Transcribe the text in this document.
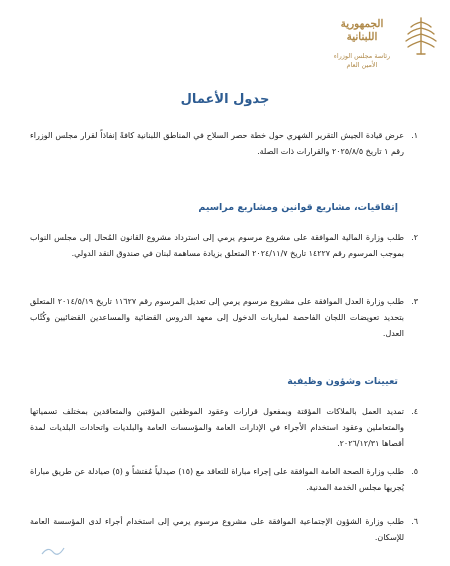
الجمهورية
اللبنانية
رئاسة مجلس الوزراء
الأمين العام
جدول الأعمال
١.
عرض قيادة الجيش التقرير الشهري حول خطة حصر السلاح في المناطق اللبنانية كافةً إنفاذاً لقرار مجلس الوزراء رقم ١ تاريخ ٢٠٢٥/٨/٥ والقرارات ذات الصلة.
إتفاقيات، مشاريع قوانين ومشاريع مراسيم
٢.
طلب وزارة المالية الموافقة على مشروع مرسوم يرمي إلى استرداد مشروع القانون المُحال إلى مجلس النواب بموجب المرسوم رقم ١٤٢٢٧ تاريخ ٢٠٢٤/١١/٧ المتعلق بزيادة مساهمة لبنان في صندوق النقد الدولي.
٣.
طلب وزارة العدل الموافقة على مشروع مرسوم يرمي إلى تعديل المرسوم رقم ١١٦٢٧ تاريخ ٢٠١٤/٥/١٩ المتعلق بتحديد تعويضات اللجان الفاحصة لمباريات الدخول إلى معهد الدروس القضائية والمساعدين القضائيين وكُتّاب العدل.
تعيينات وشؤون وظيفية
٤.
تمديد العمل بالملاكات المؤقتة وبمفعول قرارات وعقود الموظفين المؤقتين والمتعاقدين بمختلف تسمياتها والمتعاملين وعقود استخدام الأجراء في الإدارات العامة والمؤسسات العامة والبلديات واتحادات البلديات لمدة أقصاها ٢٠٢٦/١٢/٣١.
٥.
طلب وزارة الصحة العامة الموافقة على إجراء مباراة للتعاقد مع (١٥) صيدلياً مُفتشاً و (٥) صيادلة عن طريق مباراة يُجريها مجلس الخدمة المدنية.
٦.
طلب وزارة الشؤون الإجتماعية الموافقة على مشروع مرسوم يرمي إلى استخدام أجراء لدى المؤسسة العامة للإسكان.
